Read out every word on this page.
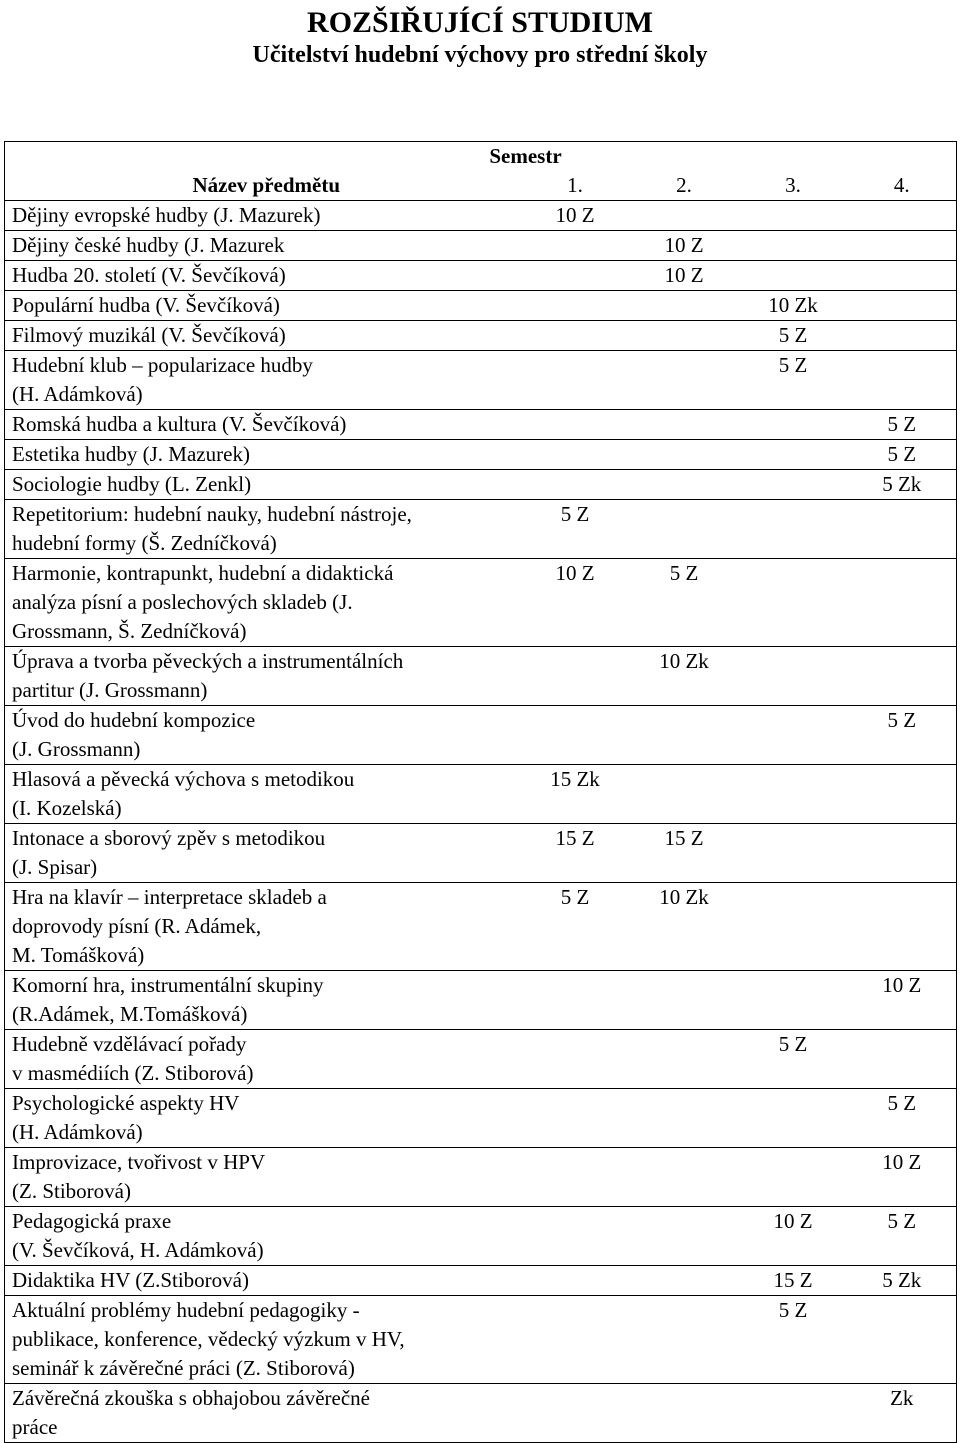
ROZŠIŘUJÍCÍ STUDIUM
Učitelství hudební výchovy pro střední školy
Semestr				
Název předmětu	1.	2.	3.	4.

Dějiny evropské hudby (J. Mazurek)	10 Z			

Dějiny české hudby (J. Mazurek		10 Z		

Hudba 20. století (V. Ševčíková)		10 Z		

Populární hudba (V. Ševčíková)			10 Zk	

Filmový muzikál (V. Ševčíková)			5 Z	

Hudební klub – popularizace hudby
(H. Adámková)			5 Z	

Romská hudba a kultura (V. Ševčíková)				5 Z

Estetika hudby (J. Mazurek)				5 Z

Sociologie hudby (L. Zenkl)				5 Zk

Repetitorium: hudební nauky, hudební nástroje,
hudební formy (Š. Zedníčková)	5 Z			

Harmonie, kontrapunkt, hudební a didaktická
analýza písní a poslechových skladeb (J.
Grossmann, Š. Zedníčková)	10 Z	5 Z		

Úprava a tvorba pěveckých a instrumentálních
partitur (J. Grossmann)		10 Zk		

Úvod do hudební kompozice
(J. Grossmann)				5 Z

Hlasová a pěvecká výchova s metodikou
(I. Kozelská)	15 Zk			

Intonace a sborový zpěv s metodikou
(J. Spisar)	15 Z	15 Z		

Hra na klavír – interpretace skladeb a
doprovody písní (R. Adámek,
M. Tomášková)	5 Z	10 Zk		

Komorní hra, instrumentální skupiny
(R.Adámek, M.Tomášková)				10 Z

Hudebně vzdělávací pořady
v masmédiích (Z. Stiborová)			5 Z	

Psychologické aspekty HV
(H. Adámková)				5 Z

Improvizace, tvořivost v HPV
(Z. Stiborová)				10 Z

Pedagogická praxe
(V. Ševčíková, H. Adámková)			10 Z	5 Z

Didaktika HV (Z.Stiborová)			15 Z	5 Zk

Aktuální problémy hudební pedagogiky -
publikace, konference, vědecký výzkum v HV,
seminář k závěrečné práci (Z. Stiborová)			5 Z	

Závěrečná zkouška s obhajobou závěrečné
práce				Zk
